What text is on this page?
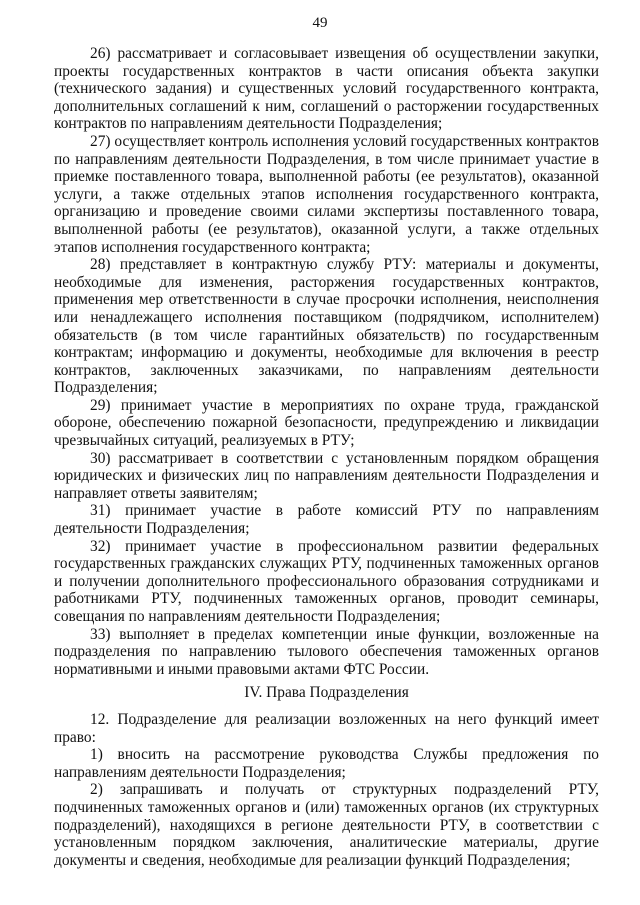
49

26) рассматривает и согласовывает извещения об осуществлении закупки, проекты государственных контрактов в части описания объекта закупки (технического задания) и существенных условий государственного контракта, дополнительных соглашений к ним, соглашений о расторжении государственных контрактов по направлениям деятельности Подразделения;

27) осуществляет контроль исполнения условий государственных контрактов по направлениям деятельности Подразделения, в том числе принимает участие в приемке поставленного товара, выполненной работы (ее результатов), оказанной услуги, а также отдельных этапов исполнения государственного контракта, организацию и проведение своими силами экспертизы поставленного товара, выполненной работы (ее результатов), оказанной услуги, а также отдельных этапов исполнения государственного контракта;

28) представляет в контрактную службу РТУ: материалы и документы, необходимые для изменения, расторжения государственных контрактов, применения мер ответственности в случае просрочки исполнения, неисполнения или ненадлежащего исполнения поставщиком (подрядчиком, исполнителем) обязательств (в том числе гарантийных обязательств) по государственным контрактам; информацию и документы, необходимые для включения в реестр контрактов, заключенных заказчиками, по направлениям деятельности Подразделения;

29) принимает участие в мероприятиях по охране труда, гражданской обороне, обеспечению пожарной безопасности, предупреждению и ликвидации чрезвычайных ситуаций, реализуемых в РТУ;

30) рассматривает в соответствии с установленным порядком обращения юридических и физических лиц по направлениям деятельности Подразделения и направляет ответы заявителям;

31) принимает участие в работе комиссий РТУ по направлениям деятельности Подразделения;

32) принимает участие в профессиональном развитии федеральных государственных гражданских служащих РТУ, подчиненных таможенных органов и получении дополнительного профессионального образования сотрудниками и работниками РТУ, подчиненных таможенных органов, проводит семинары, совещания по направлениям деятельности Подразделения;

33) выполняет в пределах компетенции иные функции, возложенные на подразделения по направлению тылового обеспечения таможенных органов нормативными и иными правовыми актами ФТС России.

IV. Права Подразделения

12. Подразделение для реализации возложенных на него функций имеет право:

1) вносить на рассмотрение руководства Службы предложения по направлениям деятельности Подразделения;

2) запрашивать и получать от структурных подразделений РТУ, подчиненных таможенных органов и (или) таможенных органов (их структурных подразделений), находящихся в регионе деятельности РТУ, в соответствии с установленным порядком заключения, аналитические материалы, другие документы и сведения, необходимые для реализации функций Подразделения;
